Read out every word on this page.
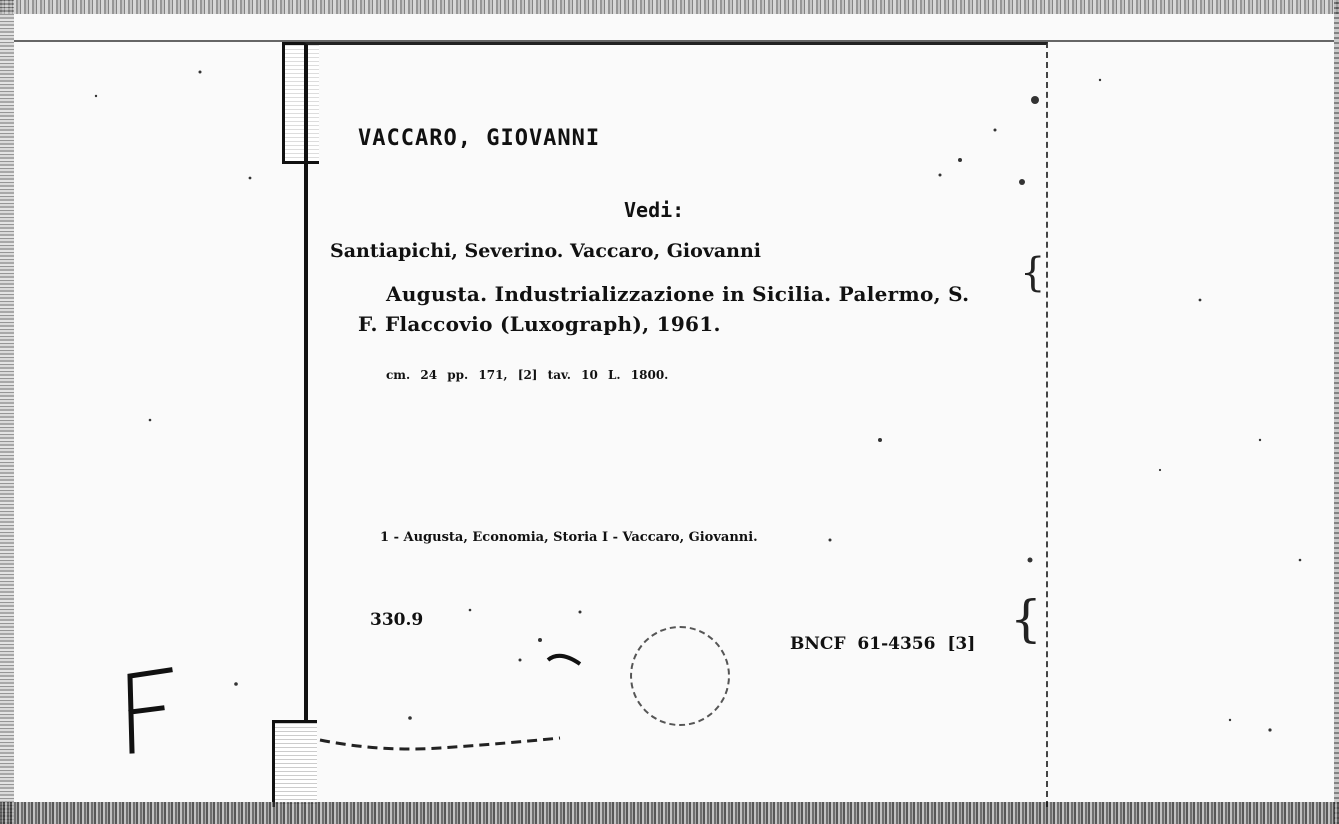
VACCARO, GIOVANNI
Vedi:
Santiapichi, Severino. Vaccaro, Giovanni
Augusta. Industrializzazione in Sicilia. Palermo, S.
F. Flaccovio (Luxograph), 1961.
cm. 24 pp. 171, [2] tav. 10 L. 1800.
1 - Augusta, Economia, Storia I - Vaccaro, Giovanni.
330.9
BNCF 61-4356 [3]
{
{
